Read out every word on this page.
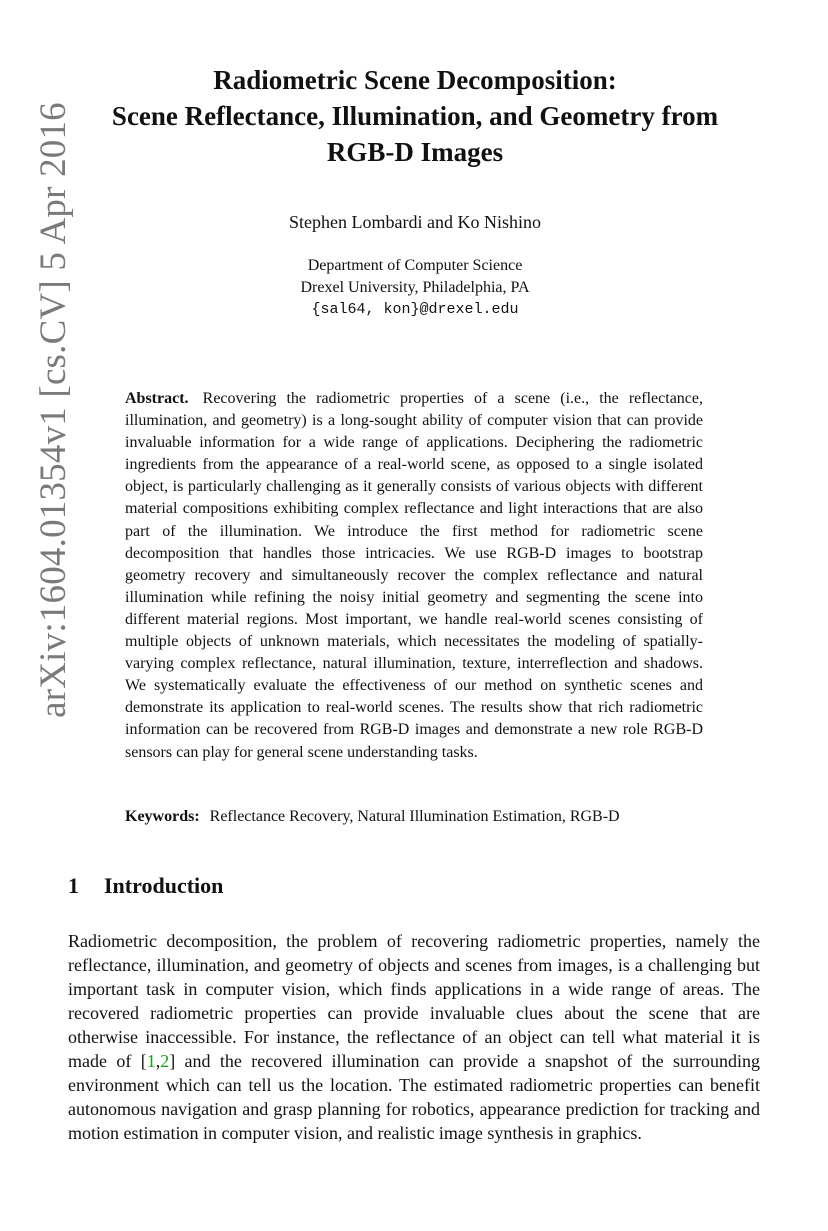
arXiv:1604.01354v1 [cs.CV] 5 Apr 2016
Radiometric Scene Decomposition:
Scene Reflectance, Illumination, and Geometry from
RGB-D Images
Stephen Lombardi and Ko Nishino
Department of Computer Science
Drexel University, Philadelphia, PA
{sal64, kon}@drexel.edu
Abstract. Recovering the radiometric properties of a scene (i.e., the reflectance, illumination, and geometry) is a long-sought ability of computer vision that can provide invaluable information for a wide range of applications. Deciphering the radiometric ingredients from the appearance of a real-world scene, as opposed to a single isolated object, is particularly challenging as it generally consists of various objects with different material compositions exhibiting complex reflectance and light interactions that are also part of the illumination. We introduce the first method for radiometric scene decomposition that handles those intricacies. We use RGB-D images to bootstrap geometry recovery and simultaneously recover the complex reflectance and natural illumination while refining the noisy initial geometry and segmenting the scene into different material regions. Most important, we handle real-world scenes consisting of multiple objects of unknown materials, which necessitates the modeling of spatially-varying complex reflectance, natural illumination, texture, interreflection and shadows. We systematically evaluate the effectiveness of our method on synthetic scenes and demonstrate its application to real-world scenes. The results show that rich radiometric information can be recovered from RGB-D images and demonstrate a new role RGB-D sensors can play for general scene understanding tasks.
Keywords: Reflectance Recovery, Natural Illumination Estimation, RGB-D
1 Introduction
Radiometric decomposition, the problem of recovering radiometric properties, namely the reflectance, illumination, and geometry of objects and scenes from images, is a challenging but important task in computer vision, which finds applications in a wide range of areas. The recovered radiometric properties can provide invaluable clues about the scene that are otherwise inaccessible. For instance, the reflectance of an object can tell what material it is made of [1,2] and the recovered illumination can provide a snapshot of the surrounding environment which can tell us the location. The estimated radiometric properties can benefit autonomous navigation and grasp planning for robotics, appearance prediction for tracking and motion estimation in computer vision, and realistic image synthesis in graphics.
